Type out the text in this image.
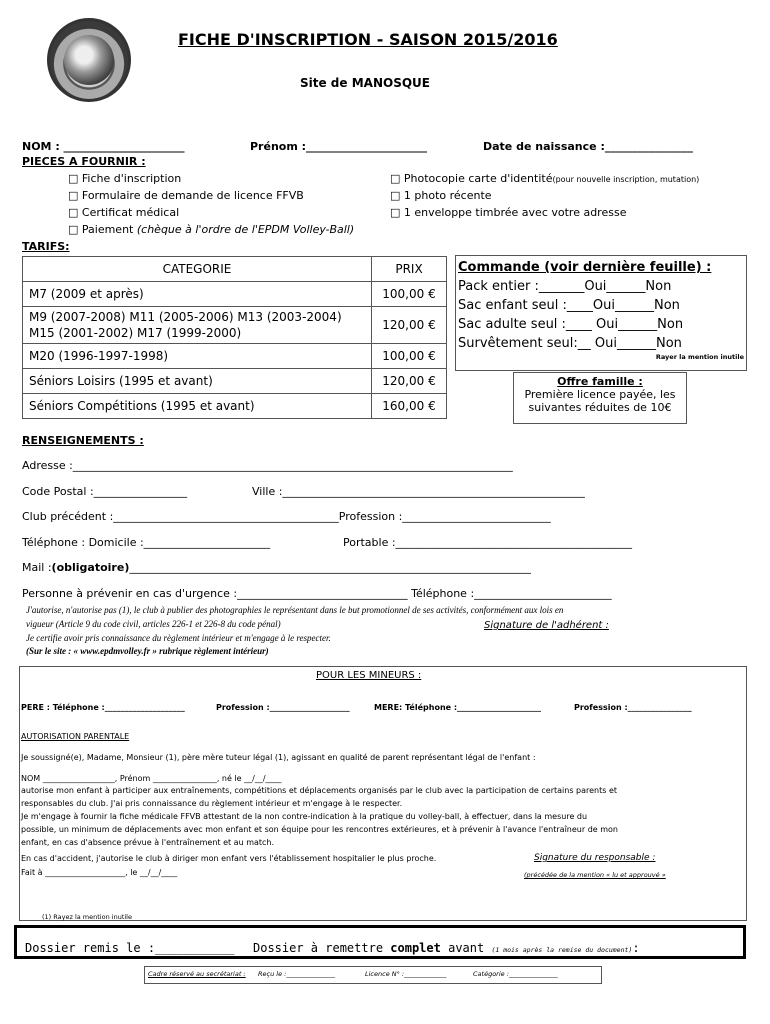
FICHE D'INSCRIPTION - SAISON 2015/2016
Site de MANOSQUE
NOM : ______________________	Prénom :______________________	Date de naissance :________________
PIECES A FOURNIR :
□ Fiche d'inscription
□ Formulaire de demande de licence FFVB
□ Certificat médical
□ Paiement (chèque à l'ordre de l'EPDM Volley-Ball)
□ Photocopie carte d'identité(pour nouvelle inscription, mutation)
□ 1 photo récente
□ 1 enveloppe timbrée avec votre adresse
TARIFS:
CATEGORIE	PRIX
M7 (2009 et après)	100,00 €
M9 (2007-2008) M11 (2005-2006) M13 (2003-2004) M15 (2001-2002) M17 (1999-2000)	120,00 €
M20 (1996-1997-1998)	100,00 €
Séniors Loisirs (1995 et avant)	120,00 €
Séniors Compétitions (1995 et avant)	160,00 €
Commande (voir dernière feuille) :
Pack entier :_______Oui______Non
Sac enfant seul :____Oui______Non
Sac adulte seul :____ Oui______Non
Survêtement seul:__ Oui______Non
Rayer la mention inutile
Offre famille :
Première licence payée, les
suivantes réduites de 10€
RENSEIGNEMENTS :
Adresse :________________________________________________________________________________
Code Postal :_________________	Ville :_______________________________________________________
Club précédent :_________________________________________Profession :___________________________
Téléphone : Domicile :_______________________	Portable :___________________________________________
Mail :(obligatoire)_________________________________________________________________________
Personne à prévenir en cas d'urgence :_______________________________ Téléphone :_________________________
J'autorise, n'autorise pas (1), le club à publier des photographies le représentant dans le but promotionnel de ses activités, conformément aux lois en
vigueur (Article 9 du code civil, articles 226-1 et 226-8 du code pénal)	Signature de l'adhérent :
Je certifie avoir pris connaissance du règlement intérieur et m'engage à le respecter.
(Sur le site : « www.epdmvolley.fr » rubrique règlement intérieur)
POUR LES MINEURS :
PERE : Téléphone :____________________	Profession :____________________	MERE: Téléphone :_____________________	Profession :________________
AUTORISATION PARENTALE
Je soussigné(e), Madame, Monsieur (1), père mère tuteur légal (1), agissant en qualité de parent représentant légal de l'enfant :
NOM __________________, Prénom ________________, né le __/__/____
autorise mon enfant à participer aux entraînements, compétitions et déplacements organisés par le club avec la participation de certains parents et
responsables du club. J'ai pris connaissance du règlement intérieur et m'engage à le respecter.
Je m'engage à fournir la fiche médicale FFVB attestant de la non contre-indication à la pratique du volley-ball, à effectuer, dans la mesure du
possible, un minimum de déplacements avec mon enfant et son équipe pour les rencontres extérieures, et à prévenir à l'avance l'entraîneur de mon
enfant, en cas d'absence prévue à l'entraînement et au match.
En cas d'accident, j'autorise le club à diriger mon enfant vers l'établissement hospitalier le plus proche.	Signature du responsable :
Fait à ____________________, le __/__/____	(précédée de la mention « lu et approuvé »
(1) Rayez la mention inutile
Dossier remis le :___________ Dossier à remettre complet avant (1 mois après la remise du document):
Cadre réservé au secrétariat : Reçu le :_______________	Licence N° :_____________	Catégorie :_______________
